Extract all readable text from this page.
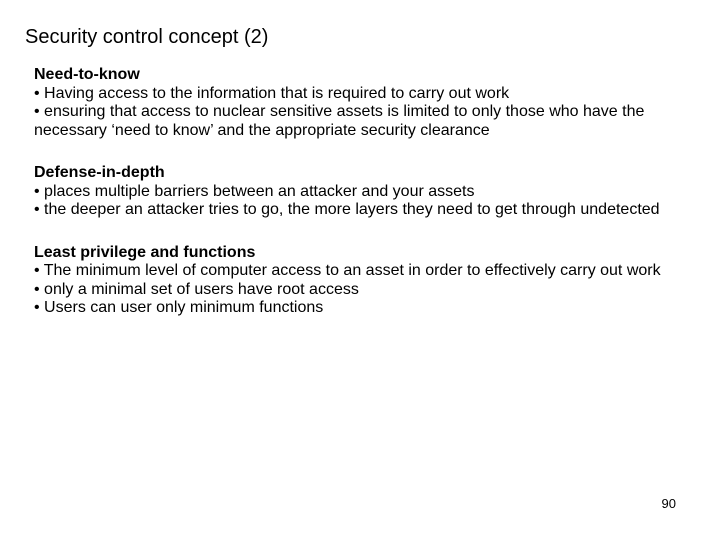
Security control concept (2)
Need-to-know
• Having access to the information that is required to carry out work
• ensuring that access to nuclear sensitive assets is limited to only those who have the necessary ‘need to know’ and the appropriate security clearance
Defense-in-depth
• places multiple barriers between an attacker and your assets
• the deeper an attacker tries to go, the more layers they need to get through undetected
Least privilege and functions
• The minimum level of computer access to an asset in order to effectively carry out work
• only a minimal set of users have root access
• Users can user only minimum functions
90
